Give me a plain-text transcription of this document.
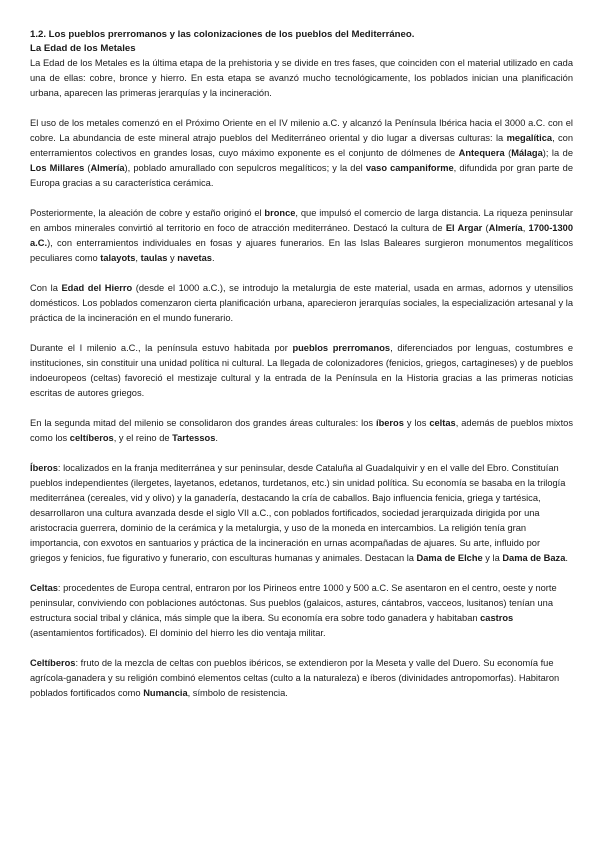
1.2. Los pueblos prerromanos y las colonizaciones de los pueblos del Mediterráneo.

La Edad de los Metales

La Edad de los Metales es la última etapa de la prehistoria y se divide en tres fases, que coinciden con el material utilizado en cada una de ellas: cobre, bronce y hierro. En esta etapa se avanzó mucho tecnológicamente, los poblados inician una planificación urbana, aparecen las primeras jerarquías y la incineración.

El uso de los metales comenzó en el Próximo Oriente en el IV milenio a.C. y alcanzó la Península Ibérica hacia el 3000 a.C. con el cobre. La abundancia de este mineral atrajo pueblos del Mediterráneo oriental y dio lugar a diversas culturas: la megalítica, con enterramientos colectivos en grandes losas, cuyo máximo exponente es el conjunto de dólmenes de Antequera (Málaga); la de Los Millares (Almería), poblado amurallado con sepulcros megalíticos; y la del vaso campaniforme, difundida por gran parte de Europa gracias a su característica cerámica.

Posteriormente, la aleación de cobre y estaño originó el bronce, que impulsó el comercio de larga distancia. La riqueza peninsular en ambos minerales convirtió al territorio en foco de atracción mediterráneo. Destacó la cultura de El Argar (Almería, 1700-1300 a.C.), con enterramientos individuales en fosas y ajuares funerarios. En las Islas Baleares surgieron monumentos megalíticos peculiares como talayots, taulas y navetas.

Con la Edad del Hierro (desde el 1000 a.C.), se introdujo la metalurgia de este material, usada en armas, adornos y utensilios domésticos. Los poblados comenzaron cierta planificación urbana, aparecieron jerarquías sociales, la especialización artesanal y la práctica de la incineración en el mundo funerario.

Durante el I milenio a.C., la península estuvo habitada por pueblos prerromanos, diferenciados por lenguas, costumbres e instituciones, sin constituir una unidad política ni cultural. La llegada de colonizadores (fenicios, griegos, cartagineses) y de pueblos indoeuropeos (celtas) favoreció el mestizaje cultural y la entrada de la Península en la Historia gracias a las primeras noticias escritas de autores griegos.

En la segunda mitad del milenio se consolidaron dos grandes áreas culturales: los íberos y los celtas, además de pueblos mixtos como los celtíberos, y el reino de Tartessos.

Íberos: localizados en la franja mediterránea y sur peninsular, desde Cataluña al Guadalquivir y en el valle del Ebro. Constituían pueblos independientes (ilergetes, layetanos, edetanos, turdetanos, etc.) sin unidad política. Su economía se basaba en la trilogía mediterránea (cereales, vid y olivo) y la ganadería, destacando la cría de caballos. Bajo influencia fenicia, griega y tartésica, desarrollaron una cultura avanzada desde el siglo VII a.C., con poblados fortificados, sociedad jerarquizada dirigida por una aristocracia guerrera, dominio de la cerámica y la metalurgia, y uso de la moneda en intercambios. La religión tenía gran importancia, con exvotos en santuarios y práctica de la incineración en urnas acompañadas de ajuares. Su arte, influido por griegos y fenicios, fue figurativo y funerario, con esculturas humanas y animales. Destacan la Dama de Elche y la Dama de Baza.

Celtas: procedentes de Europa central, entraron por los Pirineos entre 1000 y 500 a.C. Se asentaron en el centro, oeste y norte peninsular, conviviendo con poblaciones autóctonas. Sus pueblos (galaicos, astures, cántabros, vacceos, lusitanos) tenían una estructura social tribal y clánica, más simple que la ibera. Su economía era sobre todo ganadera y habitaban castros (asentamientos fortificados). El dominio del hierro les dio ventaja militar.

Celtíberos: fruto de la mezcla de celtas con pueblos ibéricos, se extendieron por la Meseta y valle del Duero. Su economía fue agrícola-ganadera y su religión combinó elementos celtas (culto a la naturaleza) e íberos (divinidades antropomorfas). Habitaron poblados fortificados como Numancia, símbolo de resistencia.
